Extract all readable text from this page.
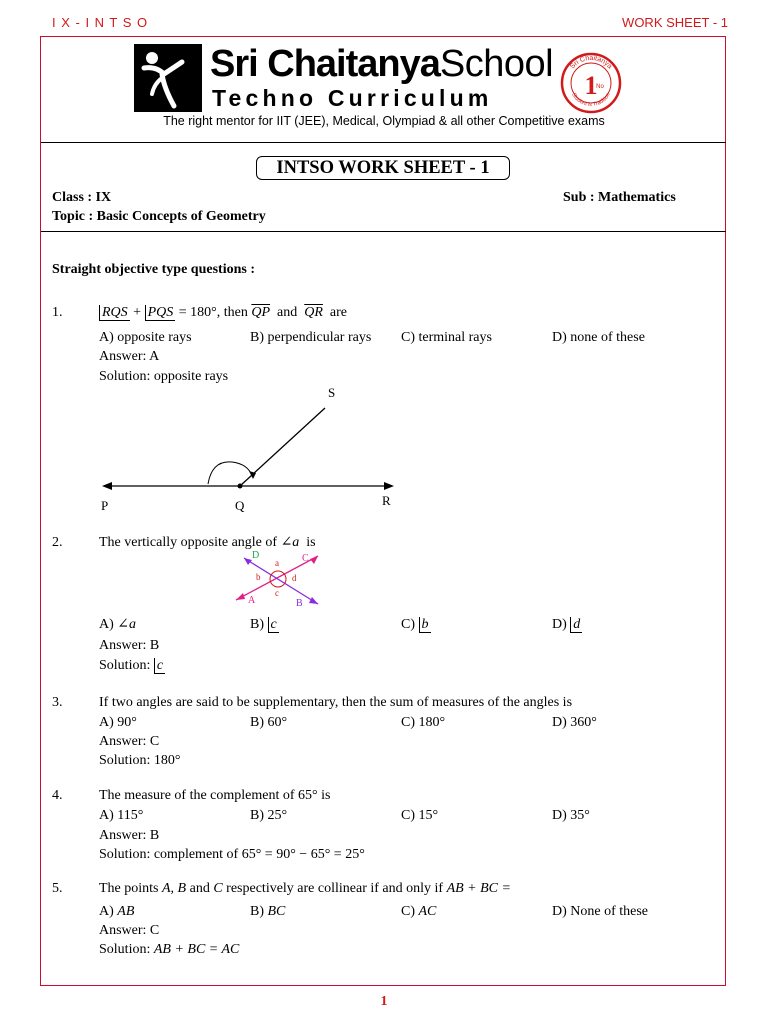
I X - I N T S O	WORK SHEET - 1
Sri ChaitanyaSchool
Techno Curriculum
Sri Chaitanya
Student is Tradition
1
No
The right mentor for IIT (JEE), Medical, Olympiad & all other Competitive exams
INTSO WORK SHEET - 1
Class : IX	Sub : Mathematics
Topic : Basic Concepts of Geometry
Straight objective type questions :
1.	RQS + PQS = 180°, then $\overline{QP}$ and $\overline{QR}$ are
A) opposite rays	B) perpendicular rays C) terminal rays	D) none of these
Answer: A
Solution: opposite rays
S
P	Q	R
2.	The vertically opposite angle of ∠a is
D	C
A	B
a
b
c
d
A) ∠a	B) c	C) b	D) d
Answer: B
Solution: c
3.	If two angles are said to be supplementary, then the sum of measures of the angles is
A) 90°	B) 60°	C) 180°	D) 360°
Answer: C
Solution: 180°
4.	The measure of the complement of 65° is
A) 115°	B) 25°	C) 15°	D) 35°
Answer: B
Solution: complement of 65° = 90° − 65° = 25°
5.	The points A, B and C respectively are collinear if and only if AB + BC =
A) AB	B) BC	C) AC	D) None of these
Answer: C
Solution: AB + BC = AC
1
